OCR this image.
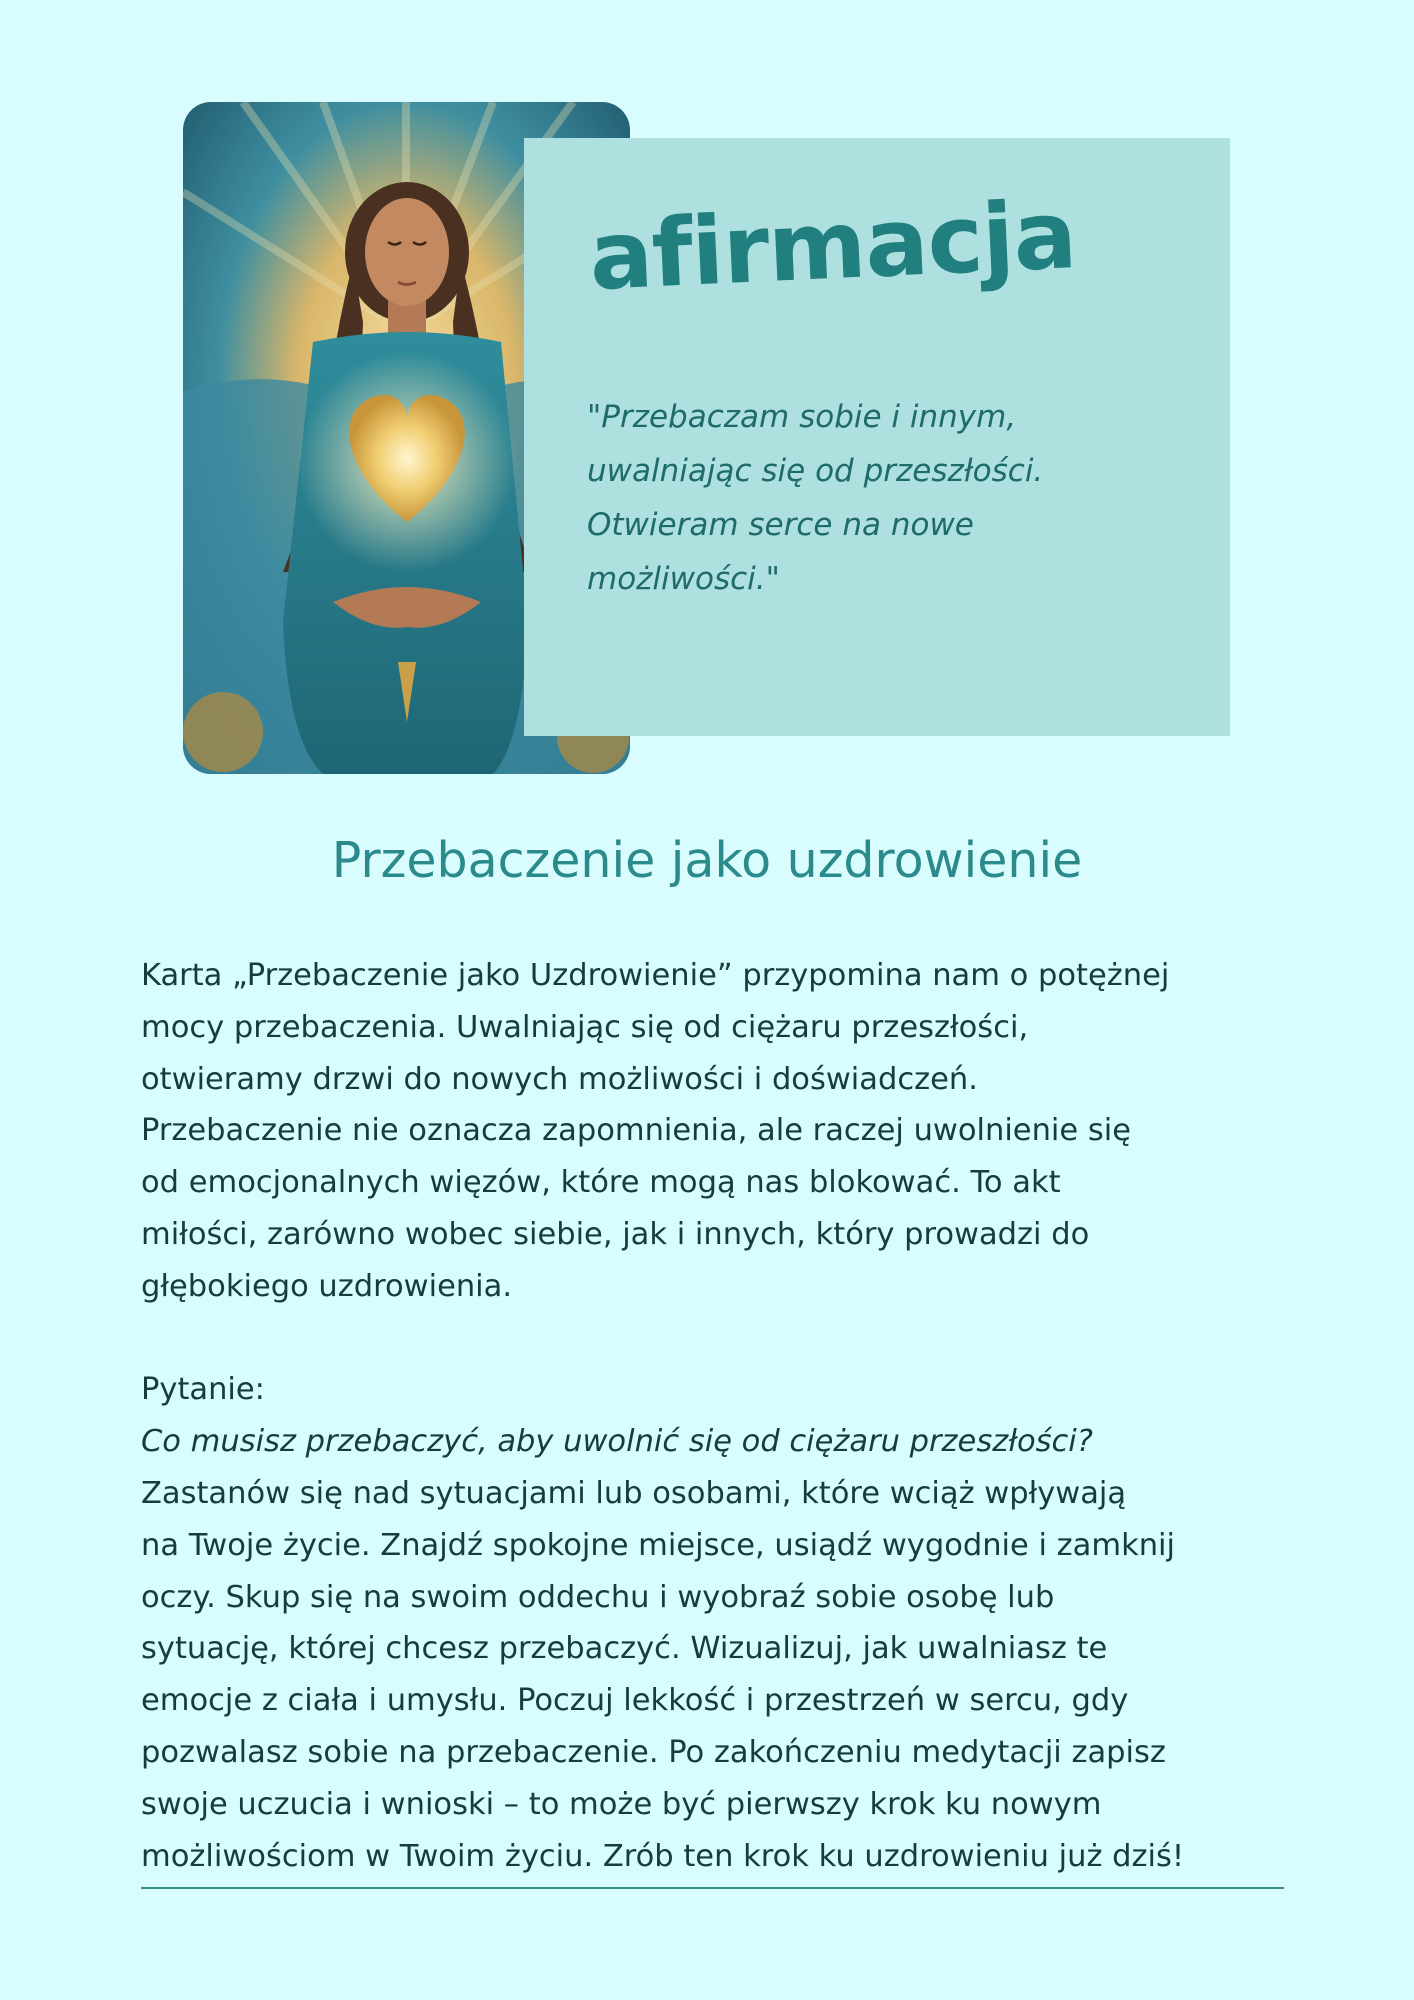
afirmacja
"Przebaczam sobie i innym,
uwalniając się od przeszłości.
Otwieram serce na nowe
możliwości."
Przebaczenie jako uzdrowienie

Karta „Przebaczenie jako Uzdrowienie” przypomina nam o potężnej

mocy przebaczenia. Uwalniając się od ciężaru przeszłości,

otwieramy drzwi do nowych możliwości i doświadczeń.

Przebaczenie nie oznacza zapomnienia, ale raczej uwolnienie się

od emocjonalnych więzów, które mogą nas blokować. To akt

miłości, zarówno wobec siebie, jak i innych, który prowadzi do

głębokiego uzdrowienia.

Pytanie:

Co musisz przebaczyć, aby uwolnić się od ciężaru przeszłości?

Zastanów się nad sytuacjami lub osobami, które wciąż wpływają

na Twoje życie. Znajdź spokojne miejsce, usiądź wygodnie i zamknij

oczy. Skup się na swoim oddechu i wyobraź sobie osobę lub

sytuację, której chcesz przebaczyć. Wizualizuj, jak uwalniasz te

emocje z ciała i umysłu. Poczuj lekkość i przestrzeń w sercu, gdy

pozwalasz sobie na przebaczenie. Po zakończeniu medytacji zapisz

swoje uczucia i wnioski – to może być pierwszy krok ku nowym

możliwościom w Twoim życiu. Zrób ten krok ku uzdrowieniu już dziś!
